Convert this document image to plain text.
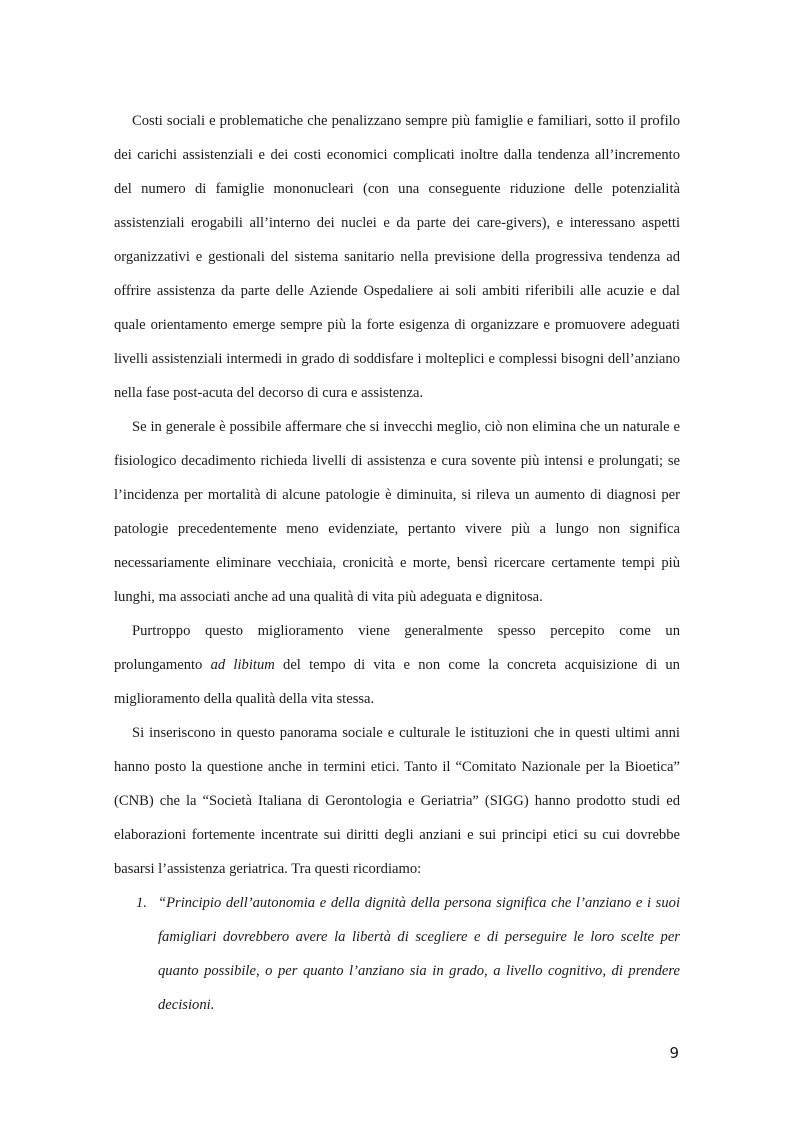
Costi sociali e problematiche che penalizzano sempre più famiglie e familiari, sotto il profilo dei carichi assistenziali e dei costi economici complicati inoltre dalla tendenza all’incremento del numero di famiglie mononucleari (con una conseguente riduzione delle potenzialità assistenziali erogabili all’interno dei nuclei e da parte dei care-givers), e interessano aspetti organizzativi e gestionali del sistema sanitario nella previsione della progressiva tendenza ad offrire assistenza da parte delle Aziende Ospedaliere ai soli ambiti riferibili alle acuzie e dal quale orientamento emerge sempre più la forte esigenza di organizzare e promuovere adeguati livelli assistenziali intermedi in grado di soddisfare i molteplici e complessi bisogni dell’anziano nella fase post-acuta del decorso di cura e assistenza.

Se in generale è possibile affermare che si invecchi meglio, ciò non elimina che un naturale e fisiologico decadimento richieda livelli di assistenza e cura sovente più intensi e prolungati; se l’incidenza per mortalità di alcune patologie è diminuita, si rileva un aumento di diagnosi per patologie precedentemente meno evidenziate, pertanto vivere più a lungo non significa necessariamente eliminare vecchiaia, cronicità e morte, bensì ricercare certamente tempi più lunghi, ma associati anche ad una qualità di vita più adeguata e dignitosa.

Purtroppo questo miglioramento viene generalmente spesso percepito come un prolungamento ad libitum del tempo di vita e non come la concreta acquisizione di un miglioramento della qualità della vita stessa.

Si inseriscono in questo panorama sociale e culturale le istituzioni che in questi ultimi anni hanno posto la questione anche in termini etici. Tanto il “Comitato Nazionale per la Bioetica” (CNB) che la “Società Italiana di Gerontologia e Geriatria” (SIGG) hanno prodotto studi ed elaborazioni fortemente incentrate sui diritti degli anziani e sui principi etici su cui dovrebbe basarsi l’assistenza geriatrica. Tra questi ricordiamo:

1. “Principio dell’autonomia e della dignità della persona significa che l’anziano e i suoi famigliari dovrebbero avere la libertà di scegliere e di perseguire le loro scelte per quanto possibile, o per quanto l’anziano sia in grado, a livello cognitivo, di prendere decisioni.
9
